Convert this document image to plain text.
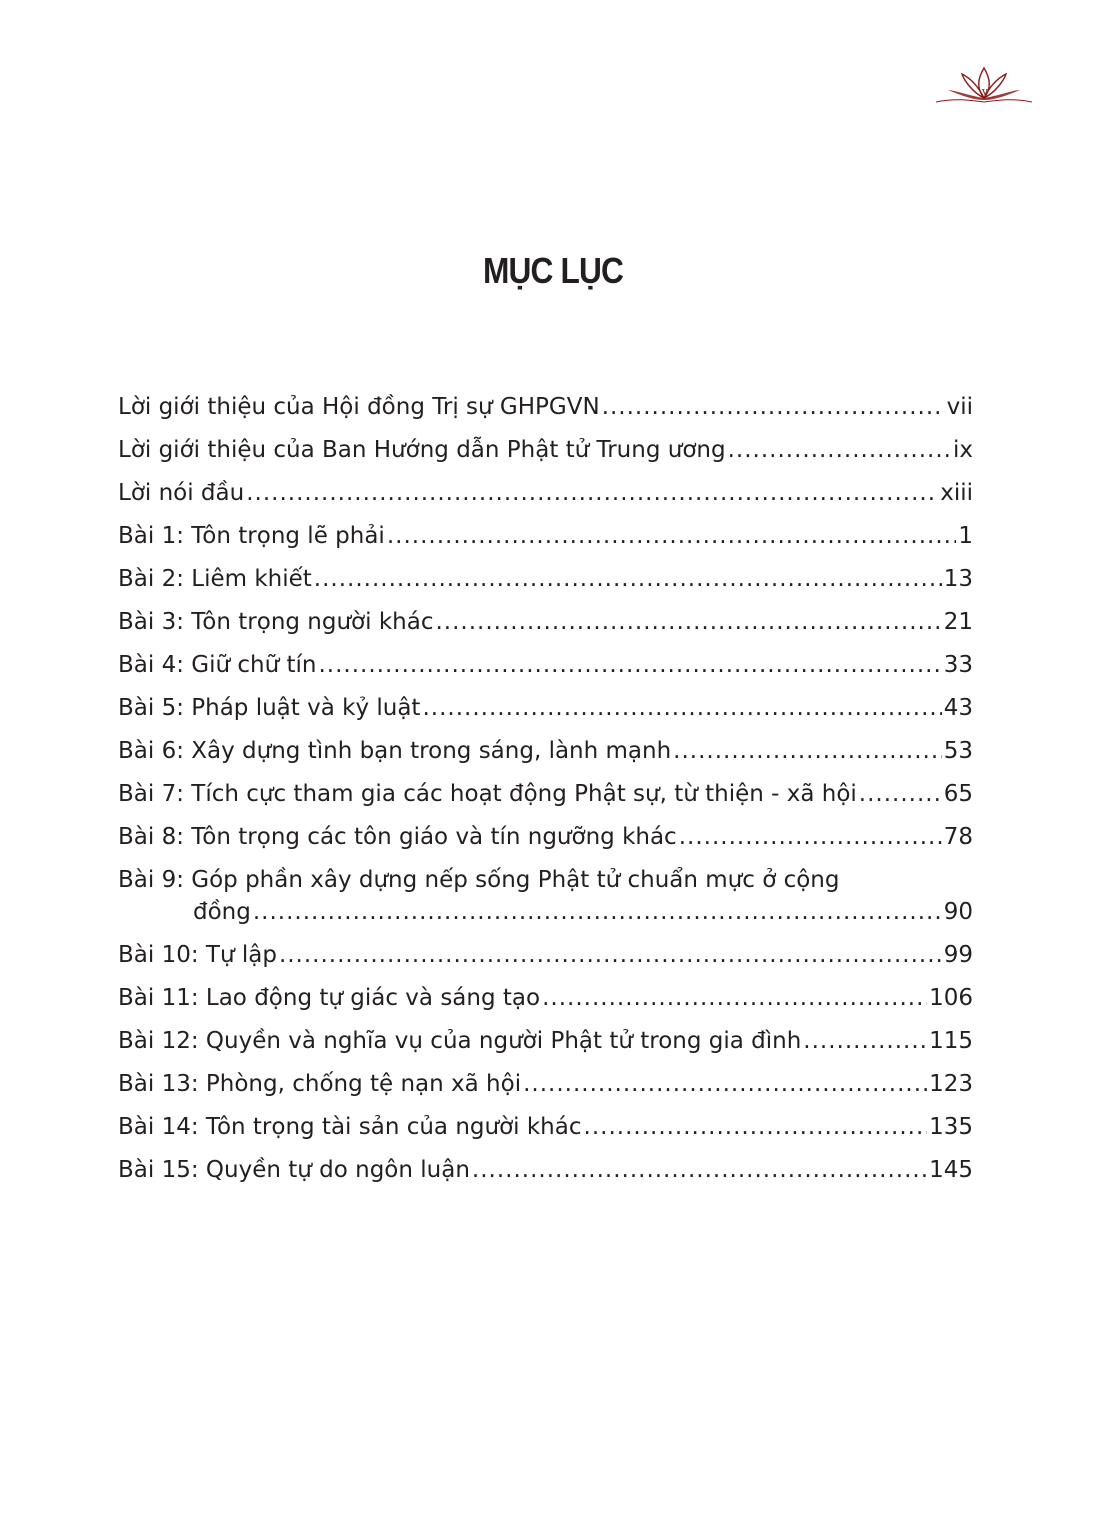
v
MỤC LỤC
Lời giới thiệu của Hội đồng Trị sự GHPGVN .....	vii
Lời giới thiệu của Ban Hướng dẫn Phật tử Trung ương .....	ix
Lời nói đầu .....	xiii
Bài 1: Tôn trọng lẽ phải .....	1
Bài 2: Liêm khiết .....	13
Bài 3: Tôn trọng người khác .....	21
Bài 4: Giữ chữ tín .....	33
Bài 5: Pháp luật và kỷ luật .....	43
Bài 6: Xây dựng tình bạn trong sáng, lành mạnh .....	53
Bài 7: Tích cực tham gia các hoạt động Phật sự, từ thiện - xã hội .....	65
Bài 8: Tôn trọng các tôn giáo và tín ngưỡng khác .....	78
Bài 9: Góp phần xây dựng nếp sống Phật tử chuẩn mực ở cộng
đồng .....	90
Bài 10: Tự lập .....	99
Bài 11: Lao động tự giác và sáng tạo .....	106
Bài 12: Quyền và nghĩa vụ của người Phật tử trong gia đình .....	115
Bài 13: Phòng, chống tệ nạn xã hội .....	123
Bài 14: Tôn trọng tài sản của người khác .....	135
Bài 15: Quyền tự do ngôn luận .....	145
